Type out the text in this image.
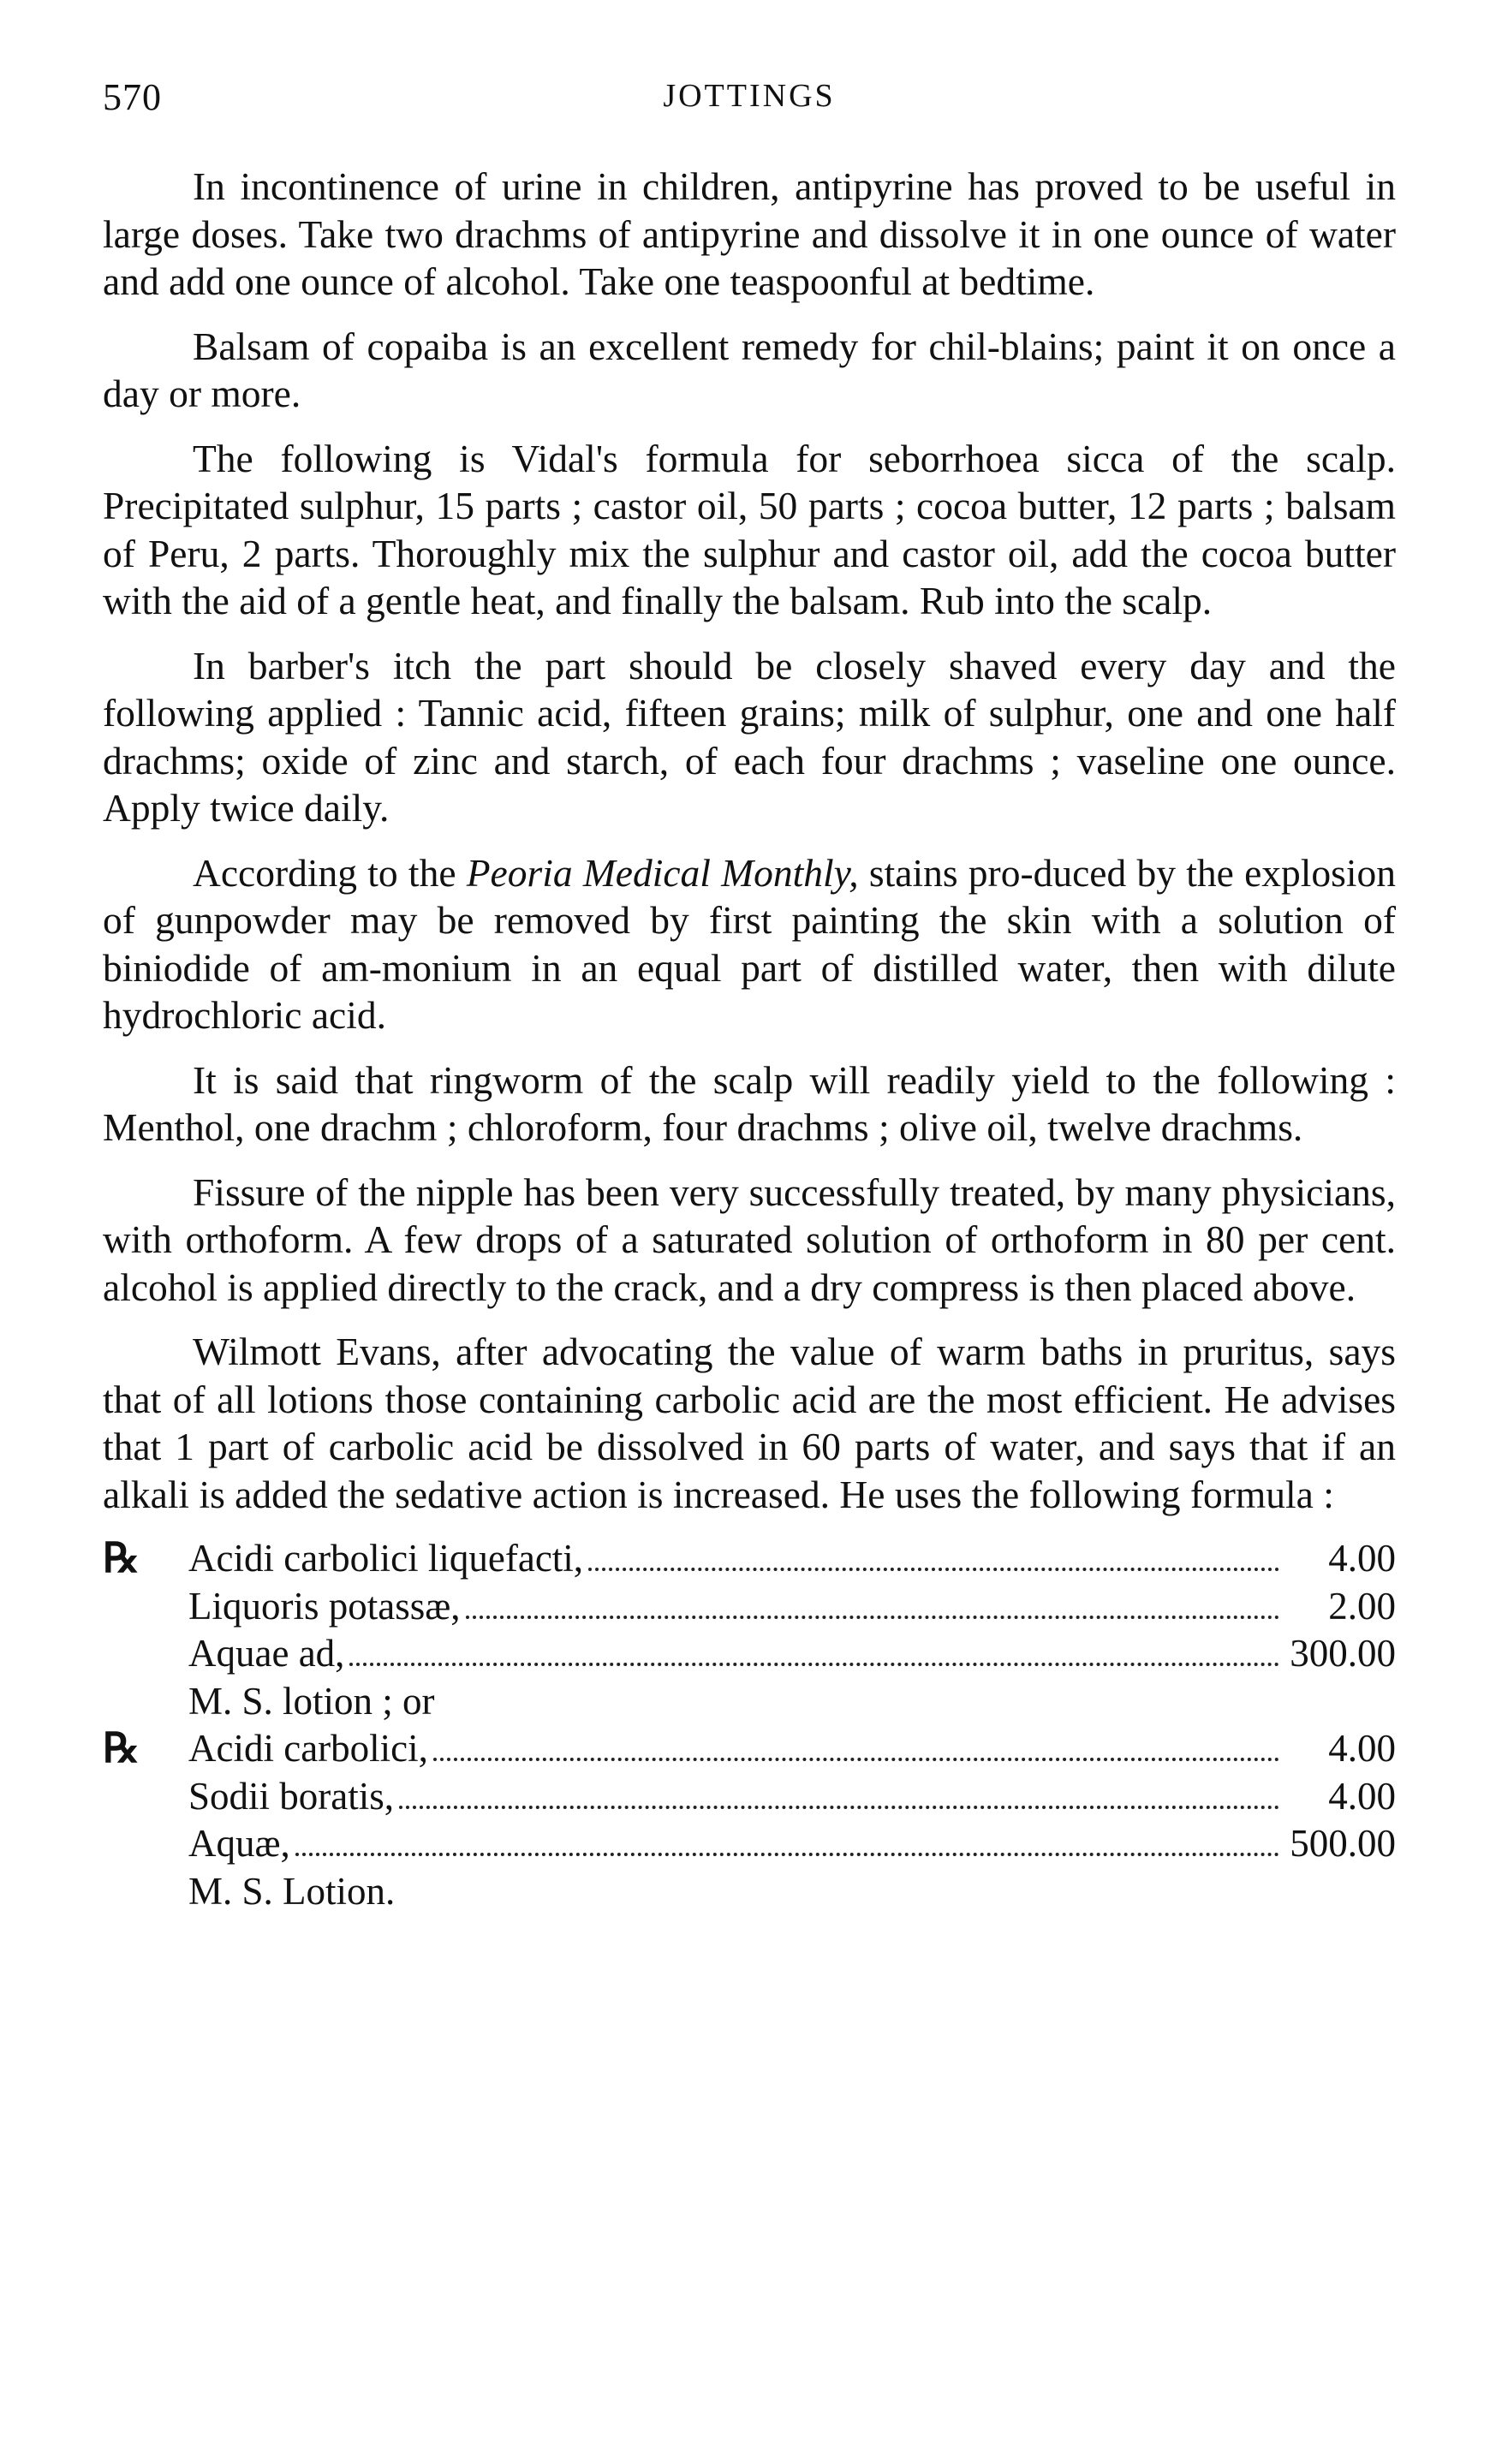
570	JOTTINGS

In incontinence of urine in children, antipyrine has proved to be useful in large doses. Take two drachms of antipyrine and dissolve it in one ounce of water and add one ounce of alcohol. Take one teaspoonful at bedtime.

Balsam of copaiba is an excellent remedy for chil-blains; paint it on once a day or more.

The following is Vidal's formula for seborrhoea sicca of the scalp. Precipitated sulphur, 15 parts ; castor oil, 50 parts ; cocoa butter, 12 parts ; balsam of Peru, 2 parts. Thoroughly mix the sulphur and castor oil, add the cocoa butter with the aid of a gentle heat, and finally the balsam. Rub into the scalp.

In barber's itch the part should be closely shaved every day and the following applied : Tannic acid, fifteen grains; milk of sulphur, one and one half drachms; oxide of zinc and starch, of each four drachms ; vaseline one ounce. Apply twice daily.

According to the Peoria Medical Monthly, stains pro-duced by the explosion of gunpowder may be removed by first painting the skin with a solution of biniodide of am-monium in an equal part of distilled water, then with dilute hydrochloric acid.

It is said that ringworm of the scalp will readily yield to the following : Menthol, one drachm ; chloroform, four drachms ; olive oil, twelve drachms.

Fissure of the nipple has been very successfully treated, by many physicians, with orthoform. A few drops of a saturated solution of orthoform in 80 per cent. alcohol is applied directly to the crack, and a dry compress is then placed above.

Wilmott Evans, after advocating the value of warm baths in pruritus, says that of all lotions those containing carbolic acid are the most efficient. He advises that 1 part of carbolic acid be dissolved in 60 parts of water, and says that if an alkali is added the sedative action is increased. He uses the following formula :

℞ Acidi carbolici liquefacti,	4.00
Liquoris potassæ,	2.00
Aquae ad,	300.00
M. S. lotion ; or
℞ Acidi carbolici,	4.00
Sodii boratis,	4.00
Aquæ,	500.00
M. S. Lotion.
